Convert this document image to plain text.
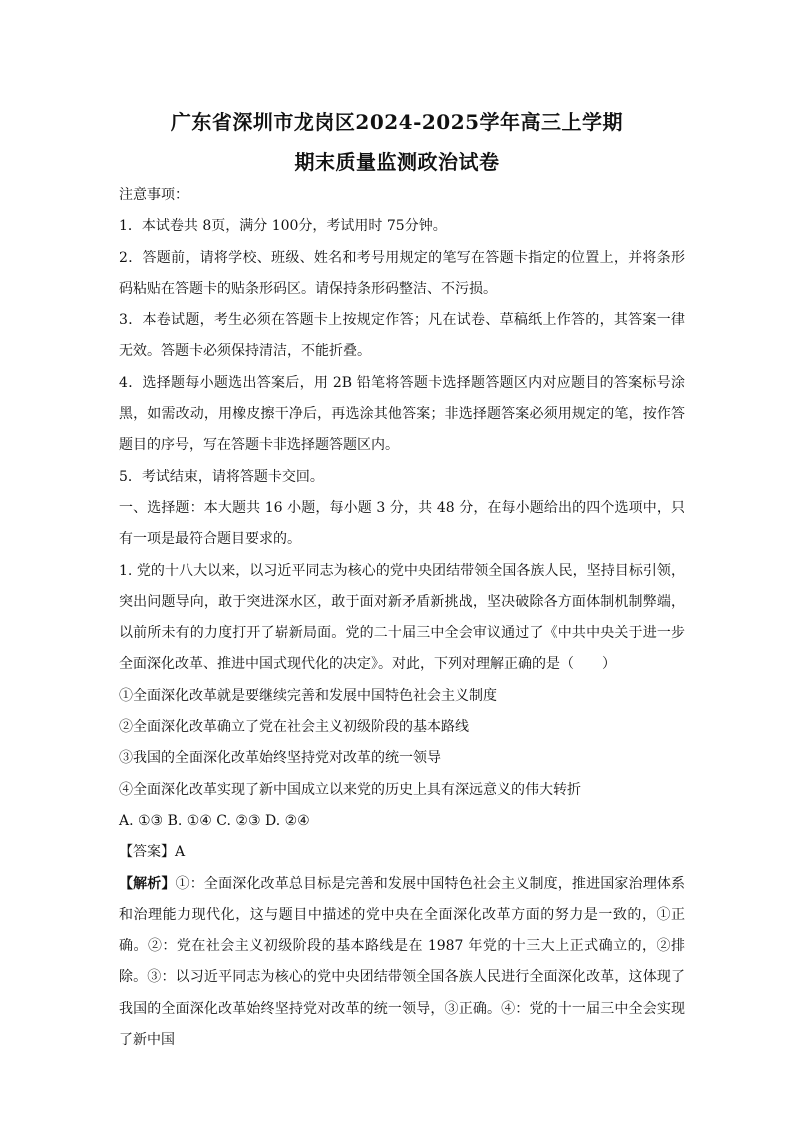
广东省深圳市龙岗区2024-2025学年高三上学期
期末质量监测政治试卷

注意事项：

1．本试卷共 8页，满分 100分，考试用时 75分钟。

2．答题前，请将学校、班级、姓名和考号用规定的笔写在答题卡指定的位置上，并将条形码粘贴在答题卡的贴条形码区。请保持条形码整洁、不污损。

3．本卷试题，考生必须在答题卡上按规定作答；凡在试卷、草稿纸上作答的，其答案一律无效。答题卡必须保持清洁，不能折叠。

4．选择题每小题选出答案后，用 2B 铅笔将答题卡选择题答题区内对应题目的答案标号涂黑，如需改动，用橡皮擦干净后，再选涂其他答案；非选择题答案必须用规定的笔，按作答题目的序号，写在答题卡非选择题答题区内。

5．考试结束，请将答题卡交回。

一、选择题：本大题共 16 小题，每小题 3 分，共 48 分，在每小题给出的四个选项中，只有一项是最符合题目要求的。

1. 党的十八大以来，以习近平同志为核心的党中央团结带领全国各族人民，坚持目标引领，突出问题导向，敢于突进深水区，敢于面对新矛盾新挑战，坚决破除各方面体制机制弊端，以前所未有的力度打开了崭新局面。党的二十届三中全会审议通过了《中共中央关于进一步全面深化改革、推进中国式现代化的决定》。对此，下列对理解正确的是（　　）

①全面深化改革就是要继续完善和发展中国特色社会主义制度

②全面深化改革确立了党在社会主义初级阶段的基本路线

③我国的全面深化改革始终坚持党对改革的统一领导

④全面深化改革实现了新中国成立以来党的历史上具有深远意义的伟大转折

A. ①③ B. ①④ C. ②③ D. ②④

【答案】A

【解析】①：全面深化改革总目标是完善和发展中国特色社会主义制度，推进国家治理体系和治理能力现代化，这与题目中描述的党中央在全面深化改革方面的努力是一致的，①正确。②：党在社会主义初级阶段的基本路线是在 1987 年党的十三大上正式确立的，②排除。③：以习近平同志为核心的党中央团结带领全国各族人民进行全面深化改革，这体现了我国的全面深化改革始终坚持党对改革的统一领导，③正确。④：党的十一届三中全会实现了新中国
